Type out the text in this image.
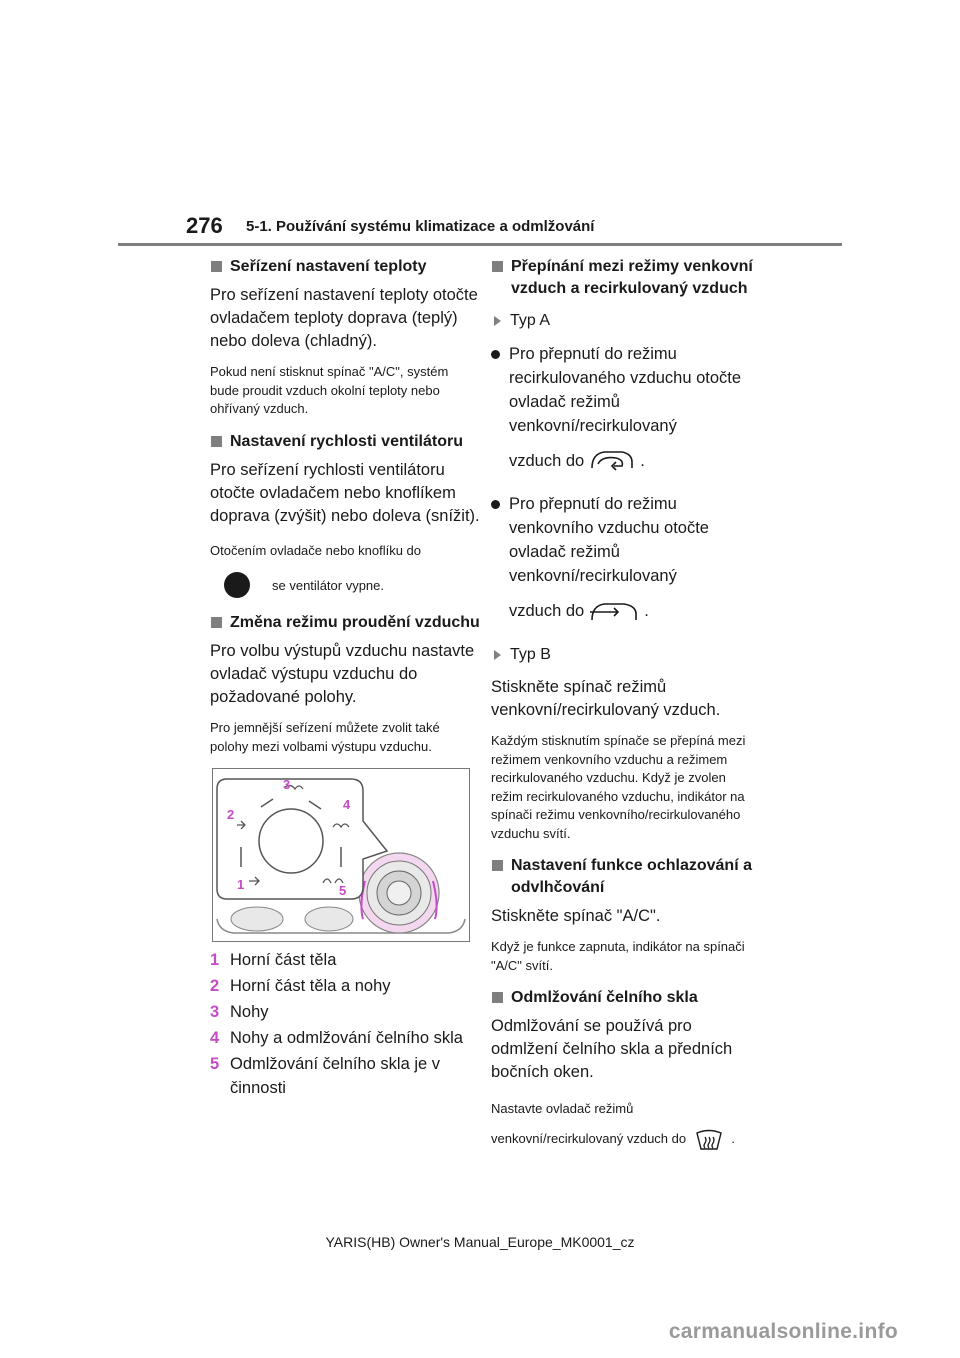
276 5-1. Používání systému klimatizace a odmlžování
Seřízení nastavení teploty

Pro seřízení nastavení teploty otočte ovladačem teploty doprava (teplý) nebo doleva (chladný).

Pokud není stisknut spínač "A/C", systém bude proudit vzduch okolní teploty nebo ohřívaný vzduch.

Nastavení rychlosti ventilátoru

Pro seřízení rychlosti ventilátoru otočte ovladačem nebo knoflíkem doprava (zvýšit) nebo doleva (snížit).

Otočením ovladače nebo knoflíku do

se ventilátor vypne.
Změna režimu proudění vzduchu

Pro volbu výstupů vzduchu nastavte ovladač výstupu vzduchu do požadované polohy.

Pro jemnější seřízení můžete zvolit také polohy mezi volbami výstupu vzduchu.

1
2
3
4
5
1 Horní část těla
2 Horní část těla a nohy
3 Nohy
4 Nohy a odmlžování čelního skla
5 Odmlžování čelního skla je v činnosti
Přepínání mezi režimy venkovní vzduch a recirkulovaný vzduch
Typ A

Pro přepnutí do režimu recirkulovaného vzduchu otočte ovladač režimů venkovní/recirkulovaný

vzduch do	.

Pro přepnutí do režimu venkovního vzduchu otočte ovladač režimů venkovní/recirkulovaný

vzduch do	.
Typ B

Stiskněte spínač režimů venkovní/recirkulovaný vzduch.

Každým stisknutím spínače se přepíná mezi režimem venkovního vzduchu a režimem recirkulovaného vzduchu. Když je zvolen režim recirkulovaného vzduchu, indikátor na spínači režimu venkovního/recirkulovaného vzduchu svítí.

Nastavení funkce ochlazování a odvlhčování

Stiskněte spínač "A/C".

Když je funkce zapnuta, indikátor na spínači "A/C" svítí.

Odmlžování čelního skla

Odmlžování se používá pro odmlžení čelního skla a předních bočních oken.

Nastavte ovladač režimů venkovní/recirkulovaný vzduch do	.
YARIS(HB) Owner's Manual_Europe_MK0001_cz
carmanualsonline.info
